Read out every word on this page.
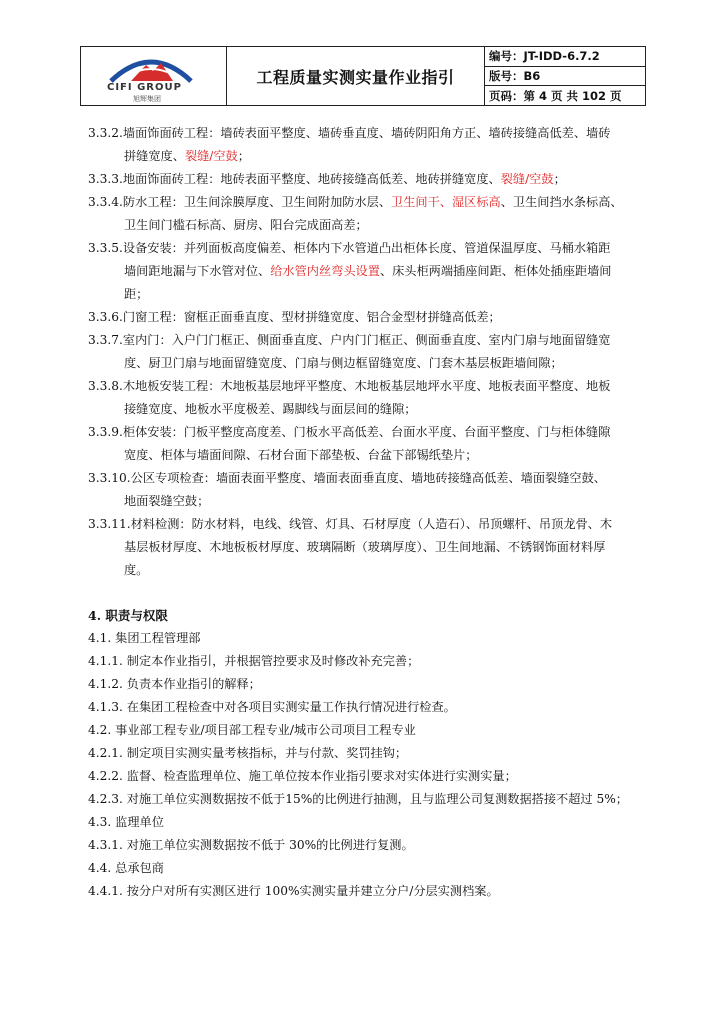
CIFI GROUP
旭辉集团
工程质量实测实量作业指引
编号：JT-IDD-6.7.2
版号：B6
页码：第 4 页 共 102 页
3.3.2.墙面饰面砖工程：墙砖表面平整度、墙砖垂直度、墙砖阴阳角方正、墙砖接缝高低差、墙砖
拼缝宽度、裂缝/空鼓；
3.3.3.地面饰面砖工程：地砖表面平整度、地砖接缝高低差、地砖拼缝宽度、裂缝/空鼓；
3.3.4.防水工程：卫生间涂膜厚度、卫生间附加防水层、卫生间干、湿区标高、卫生间挡水条标高、
卫生间门槛石标高、厨房、阳台完成面高差；
3.3.5.设备安装：并列面板高度偏差、柜体内下水管道凸出柜体长度、管道保温厚度、马桶水箱距
墙间距地漏与下水管对位、给水管内丝弯头设置、床头柜两端插座间距、柜体处插座距墙间
距；
3.3.6.门窗工程：窗框正面垂直度、型材拼缝宽度、铝合金型材拼缝高低差；
3.3.7.室内门：入户门门框正、侧面垂直度、户内门门框正、侧面垂直度、室内门扇与地面留缝宽
度、厨卫门扇与地面留缝宽度、门扇与侧边框留缝宽度、门套木基层板距墙间隙；
3.3.8.木地板安装工程：木地板基层地坪平整度、木地板基层地坪水平度、地板表面平整度、地板
接缝宽度、地板水平度极差、踢脚线与面层间的缝隙；
3.3.9.柜体安装：门板平整度高度差、门板水平高低差、台面水平度、台面平整度、门与柜体缝隙
宽度、柜体与墙面间隙、石材台面下部垫板、台盆下部锡纸垫片；
3.3.10.公区专项检查：墙面表面平整度、墙面表面垂直度、墙地砖接缝高低差、墙面裂缝空鼓、
地面裂缝空鼓；
3.3.11.材料检测：防水材料，电线、线管、灯具、石材厚度（人造石）、吊顶螺杆、吊顶龙骨、木
基层板材厚度、木地板板材厚度、玻璃隔断（玻璃厚度）、卫生间地漏、不锈钢饰面材料厚
度。
4. 职责与权限
4.1. 集团工程管理部
4.1.1. 制定本作业指引，并根据管控要求及时修改补充完善；
4.1.2. 负责本作业指引的解释；
4.1.3. 在集团工程检查中对各项目实测实量工作执行情况进行检查。
4.2. 事业部工程专业/项目部工程专业/城市公司项目工程专业
4.2.1. 制定项目实测实量考核指标，并与付款、奖罚挂钩；
4.2.2. 监督、检查监理单位、施工单位按本作业指引要求对实体进行实测实量；
4.2.3. 对施工单位实测数据按不低于15%的比例进行抽测，且与监理公司复测数据搭接不超过 5%；
4.3. 监理单位
4.3.1. 对施工单位实测数据按不低于 30%的比例进行复测。
4.4. 总承包商
4.4.1. 按分户对所有实测区进行 100%实测实量并建立分户/分层实测档案。
